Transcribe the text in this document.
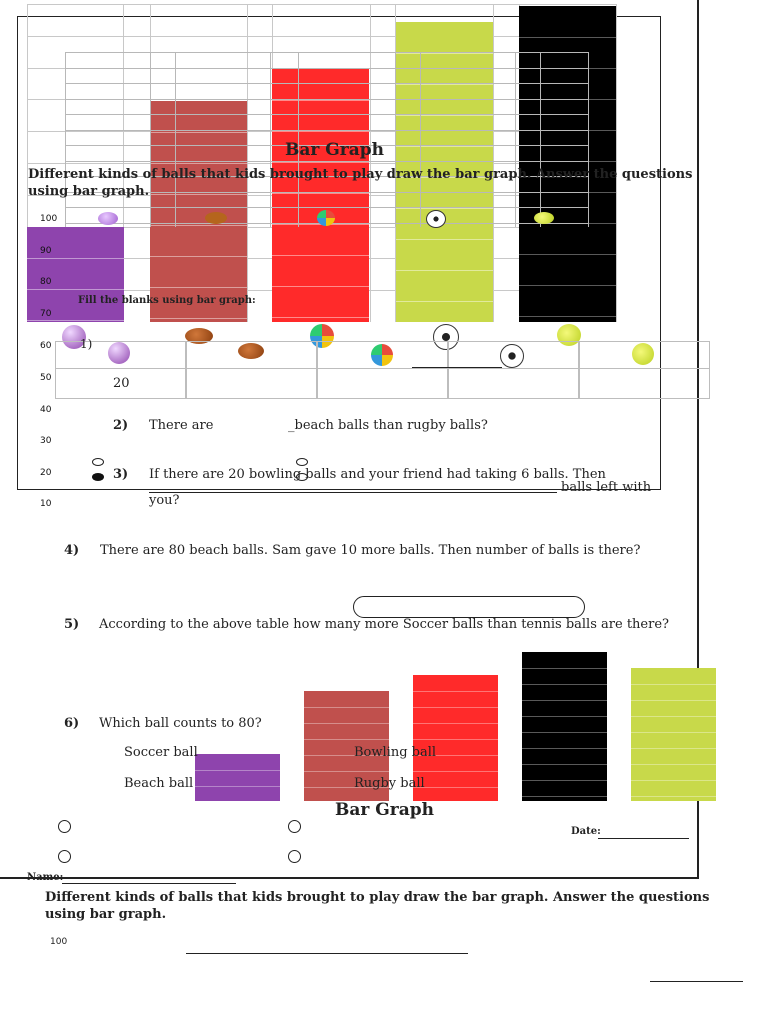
Bar Graph
Different kinds of balls that kids brought to play draw the bar graph. Answer the questions using bar graph.
100
90
80
70
60
50
40
30
20
10
Fill the blanks using bar graph:
1)
20
2) There are	_beach balls than rugby balls?
3) If there are 20 bowling balls and your friend had taking 6 balls. Then
balls left with
you?
4) There are 80 beach balls. Sam gave 10 more balls. Then number of balls is there?
5) According to the above table how many more Soccer balls than tennis balls are there?
6) Which ball counts to 80?
Soccer ball	Bowling ball
Beach ball	Rugby ball
Bar Graph
Date:
Name:
Different kinds of balls that kids brought to play draw the bar graph. Answer the questions using bar graph.
100
